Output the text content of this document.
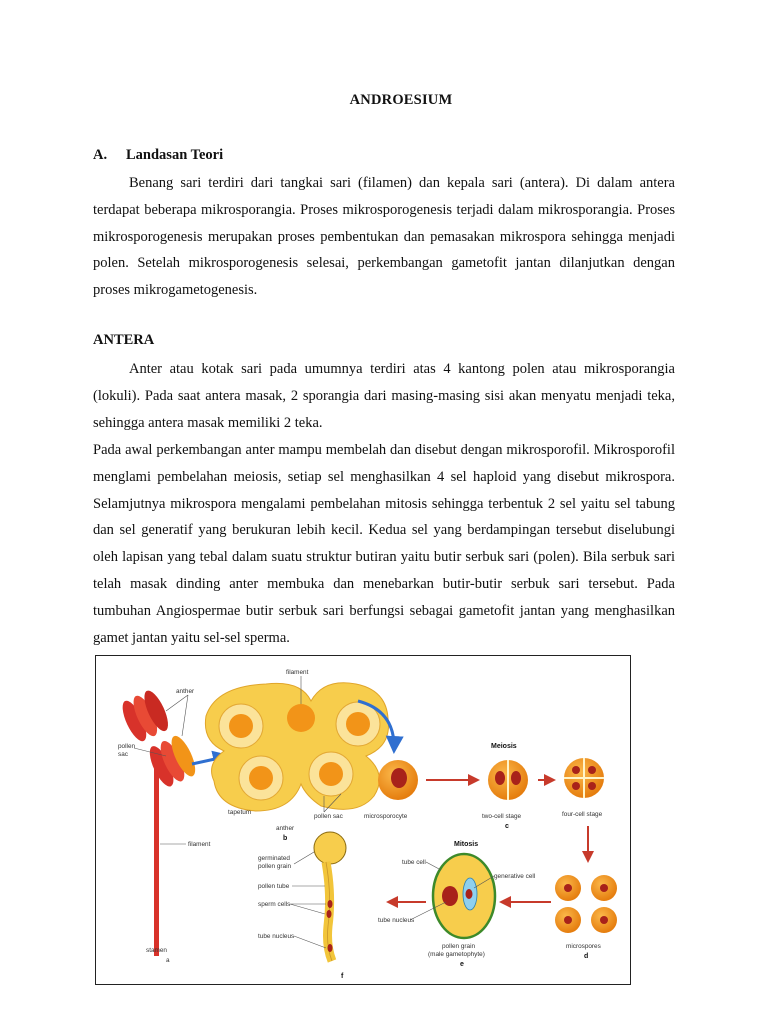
ANDROESIUM
A. Landasan Teori
Benang sari terdiri dari tangkai sari (filamen) dan kepala sari (antera). Di dalam antera terdapat beberapa mikrosporangia. Proses mikrosporogenesis terjadi dalam mikrosporangia. Proses mikrosporogenesis merupakan proses pembentukan dan pemasakan mikrospora sehingga menjadi polen. Setelah mikrosporogenesis selesai, perkembangan gametofit jantan dilanjutkan dengan proses mikrogametogenesis.
ANTERA
Anter atau kotak sari pada umumnya terdiri atas 4 kantong polen atau mikrosporangia (lokuli). Pada saat antera masak, 2 sporangia dari masing-masing sisi akan menyatu menjadi teka, sehingga antera masak memiliki 2 teka.
Pada awal perkembangan anter mampu membelah dan disebut dengan mikrosporofil. Mikrosporofil menglami pembelahan meiosis, setiap sel menghasilkan 4 sel haploid yang disebut mikrospora. Selamjutnya mikrospora mengalami pembelahan mitosis sehingga terbentuk 2 sel yaitu sel tabung dan sel generatif yang berukuran lebih kecil. Kedua sel yang berdampingan tersebut diselubungi oleh lapisan yang tebal dalam suatu struktur butiran yaitu butir serbuk sari (polen). Bila serbuk sari telah masak dinding anter membuka dan menebarkan butir-butir serbuk sari tersebut. Pada tumbuhan Angiospermae butir serbuk sari berfungsi sebagai gametofit jantan yang menghasilkan gamet jantan yaitu sel-sel sperma.
anther
pollen
sac
filament
stamen
a
filament
tapetum
pollen sac
anther
b
Meiosis
microsporocyte	two-cell stage
c
four-cell stage
microspores
d
Mitosis
tube cell
generative cell
tube nucleus
pollen grain
(male gametophyte)
e
germinated
pollen grain
pollen tube
sperm cells
tube nucleus
f
